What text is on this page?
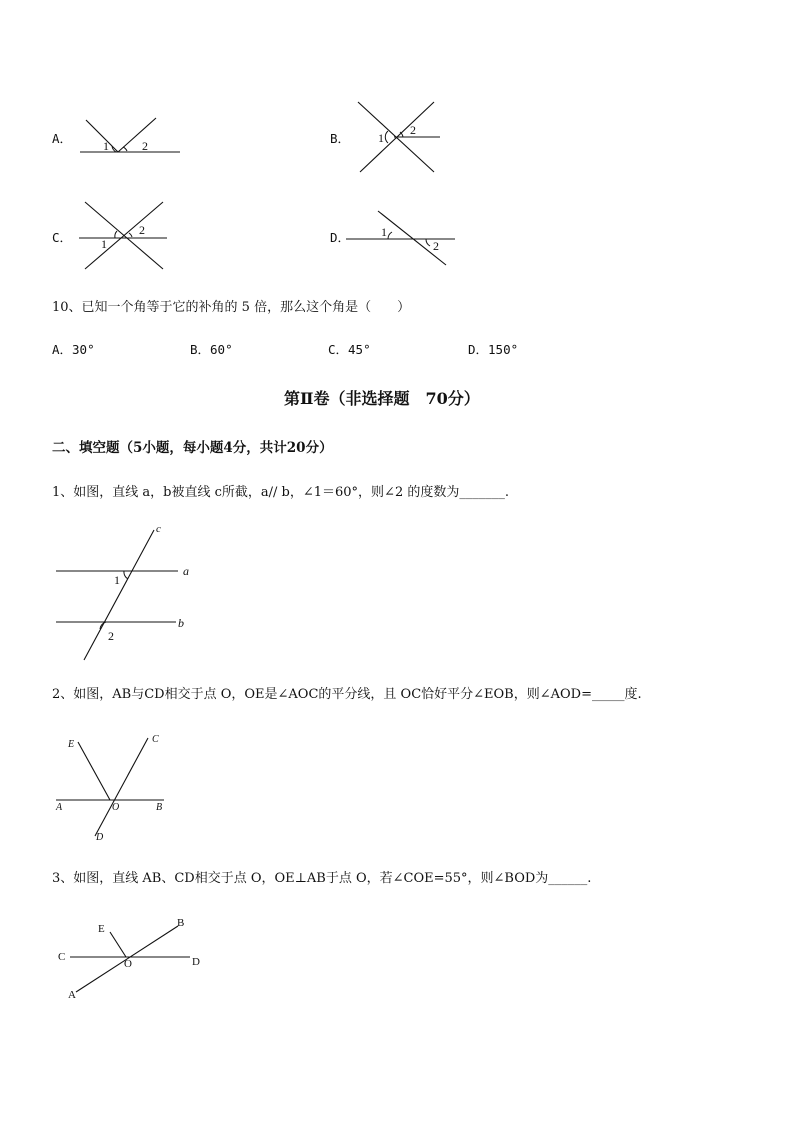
A．	1	2	B． 1
2
C． 1
2	D．	1
2
10、已知一个角等于它的补角的 5 倍，那么这个角是（　　）
A．30°	B．60°	C．45°	D．150°
第Ⅱ卷（非选择题　70分）
二、填空题（5小题，每小题4分，共计20分）
1、如图，直线 a，b被直线 c所截，a// b，∠1＝60°，则∠2 的度数为_______.
c
a
b
1
2
2、如图，AB与CD相交于点 O，OE是∠AOC的平分线，且 OC恰好平分∠EOB，则∠AOD=_____度.
E	C
A	O	B
D
3、如图，直线 AB、CD相交于点 O，OE⊥AB于点 O，若∠COE=55°，则∠BOD为______.
E	B
C
O	D
A
